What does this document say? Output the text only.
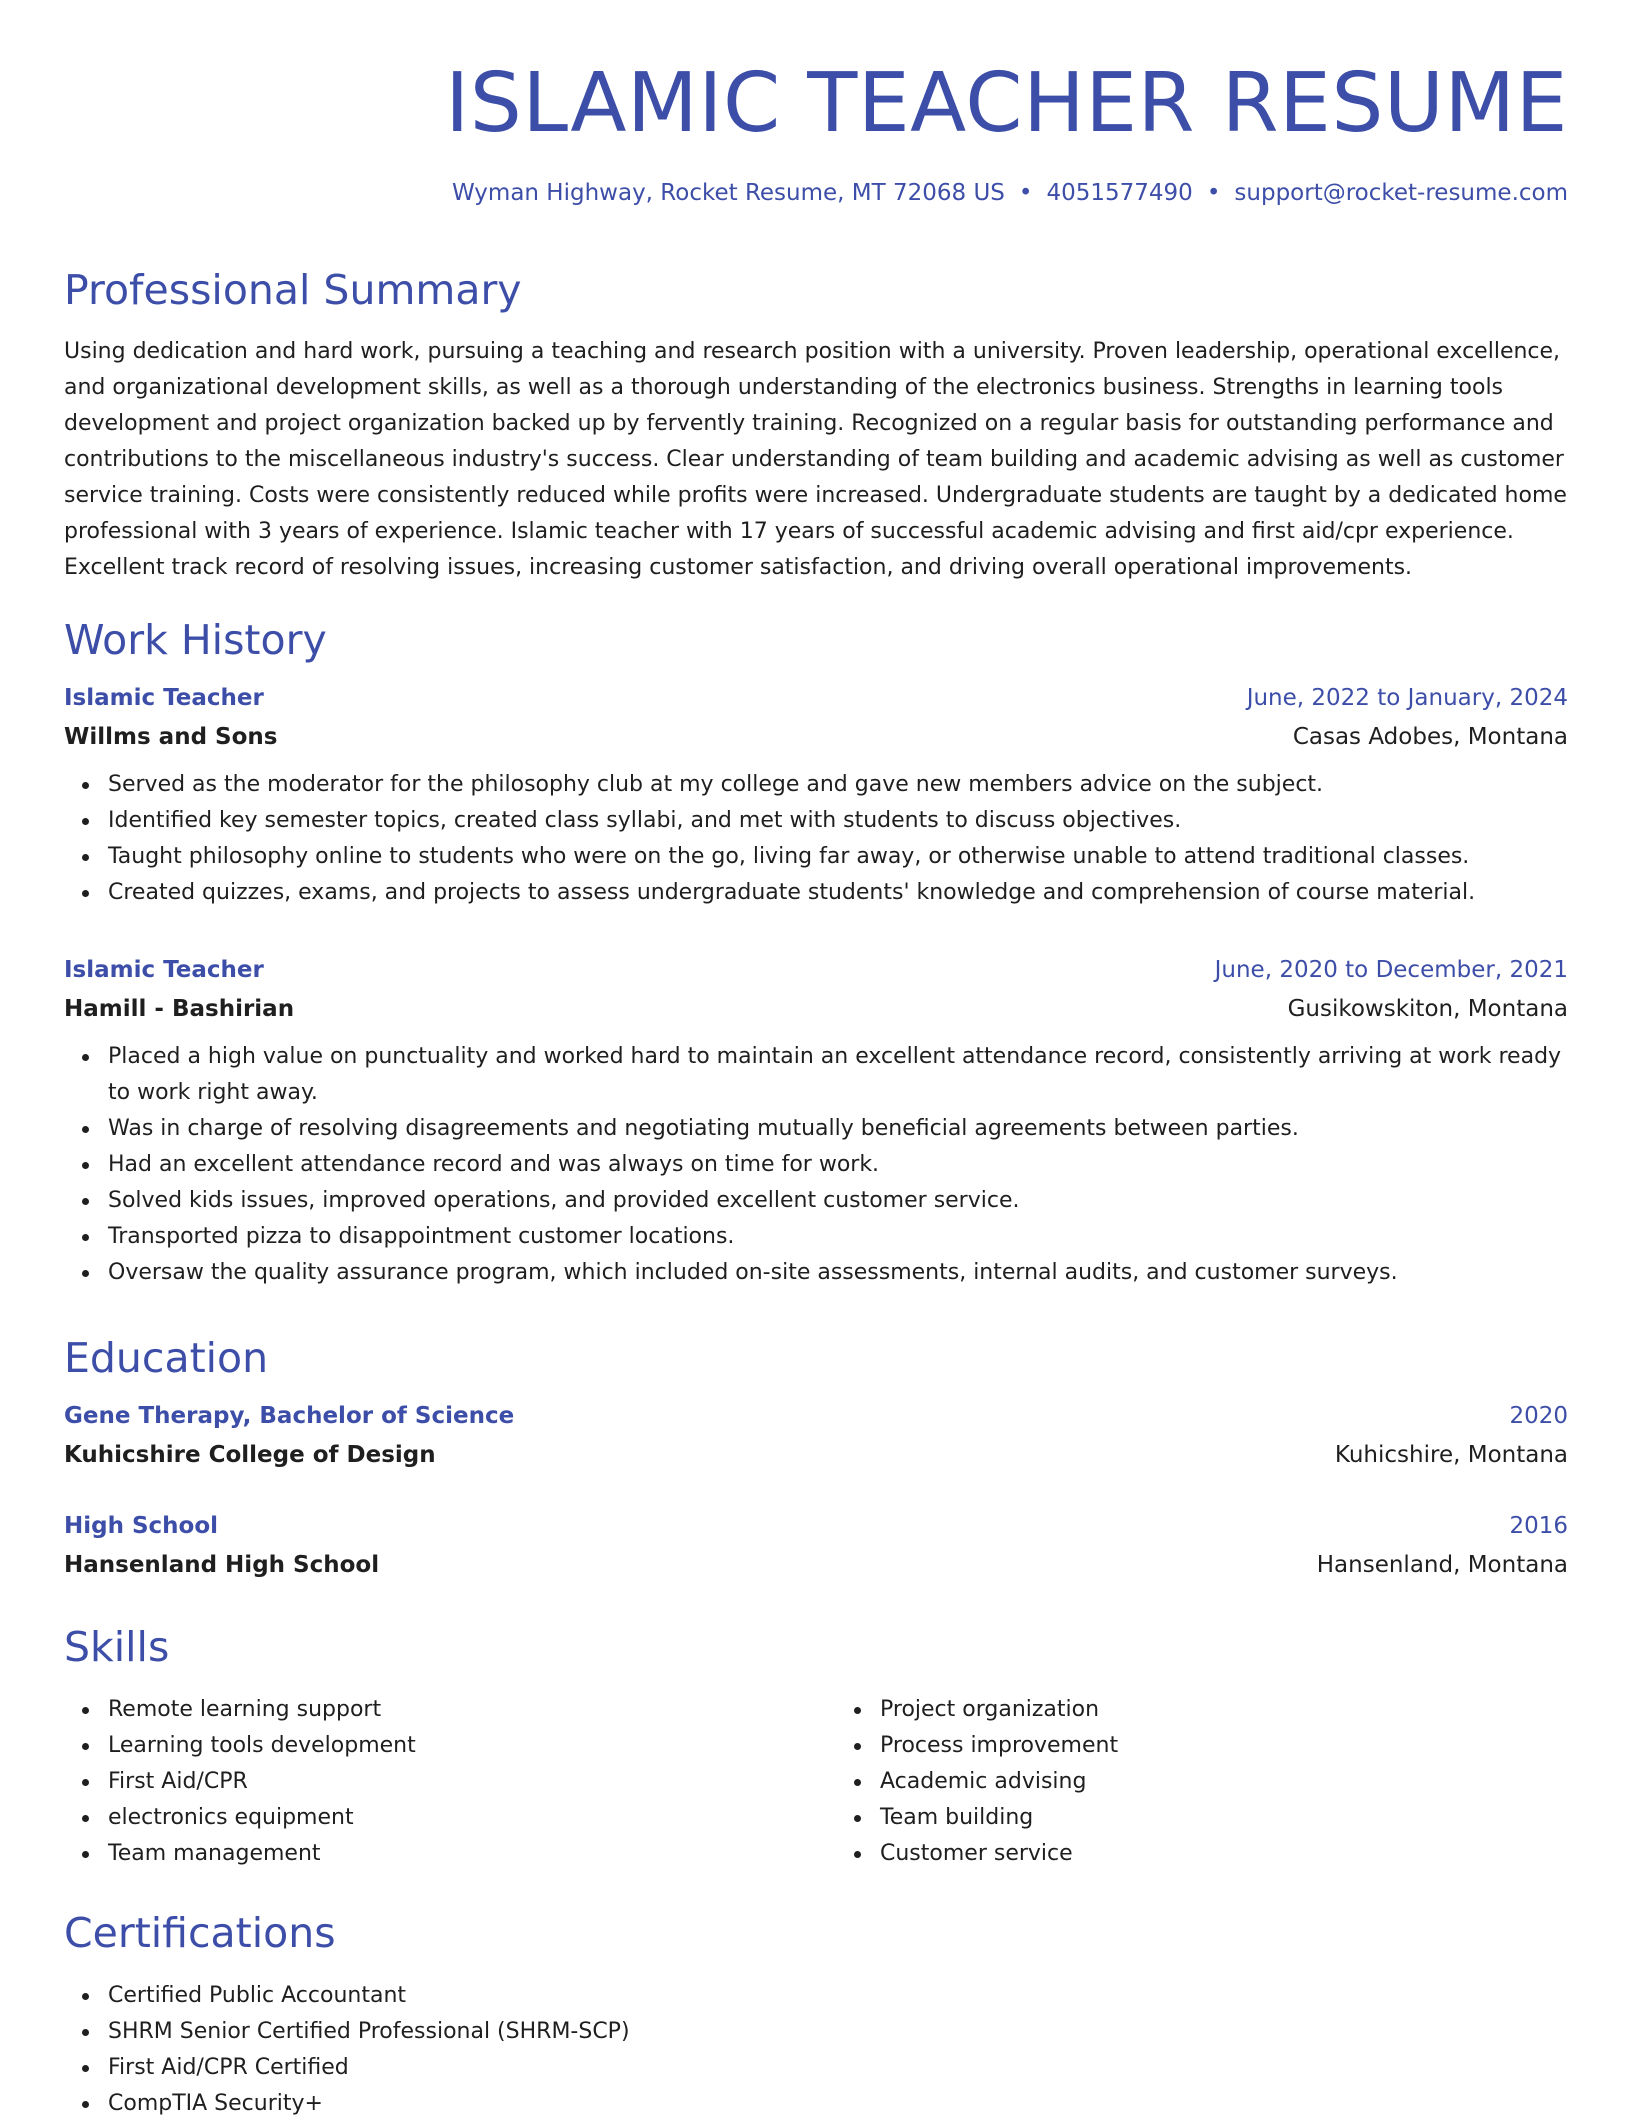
ISLAMIC TEACHER RESUME
Wyman Highway, Rocket Resume, MT 72068 US • 4051577490 • support@rocket-resume.com
Professional Summary

Using dedication and hard work, pursuing a teaching and research position with a university. Proven leadership, operational excellence, and organizational development skills, as well as a thorough understanding of the electronics business. Strengths in learning tools development and project organization backed up by fervently training. Recognized on a regular basis for outstanding performance and contributions to the miscellaneous industry's success. Clear understanding of team building and academic advising as well as customer service training. Costs were consistently reduced while profits were increased. Undergraduate students are taught by a dedicated home professional with 3 years of experience. Islamic teacher with 17 years of successful academic advising and first aid/cpr experience. Excellent track record of resolving issues, increasing customer satisfaction, and driving overall operational improvements.

Work History
Islamic Teacher	June, 2022 to January, 2024
Willms and Sons	Casas Adobes, Montana
Served as the moderator for the philosophy club at my college and gave new members advice on the subject.
Identified key semester topics, created class syllabi, and met with students to discuss objectives.
Taught philosophy online to students who were on the go, living far away, or otherwise unable to attend traditional classes.
Created quizzes, exams, and projects to assess undergraduate students' knowledge and comprehension of course material.
Islamic Teacher	June, 2020 to December, 2021
Hamill - Bashirian	Gusikowskiton, Montana
Placed a high value on punctuality and worked hard to maintain an excellent attendance record, consistently arriving at work ready to work right away.
Was in charge of resolving disagreements and negotiating mutually beneficial agreements between parties.
Had an excellent attendance record and was always on time for work.
Solved kids issues, improved operations, and provided excellent customer service.
Transported pizza to disappointment customer locations.
Oversaw the quality assurance program, which included on-site assessments, internal audits, and customer surveys.
Education
Gene Therapy, Bachelor of Science	2020
Kuhicshire College of Design	Kuhicshire, Montana
High School	2016
Hansenland High School	Hansenland, Montana
Skills
Remote learning support
Learning tools development
First Aid/CPR
electronics equipment
Team management
Project organization
Process improvement
Academic advising
Team building
Customer service
Certifications
Certified Public Accountant
SHRM Senior Certified Professional (SHRM-SCP)
First Aid/CPR Certified
CompTIA Security+
